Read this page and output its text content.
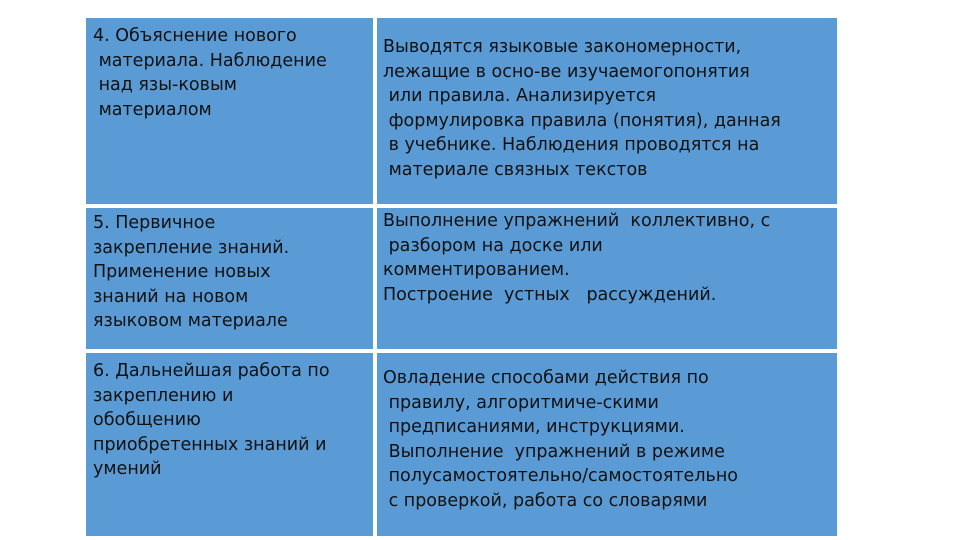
4. Объяснение нового
материала. Наблюдение
над язы-ковым
материалом
Выводятся языковые закономерности,
лежащие в осно-ве изучаемогопонятия
или правила. Анализируется
формулировка правила (понятия), данная
в учебнике. Наблюдения проводятся на
материале связных текстов
5. Первичное
закрепление знаний.
Применение новых
знаний на новом
языковом материале
Выполнение упражнений  коллективно, с
разбором на доске или
комментированием.
Построение  устных   рассуждений.
6. Дальнейшая работа по
закреплению и
обобщению
приобретенных знаний и
умений
Овладение способами действия по
правилу, алгоритмиче-скими
предписаниями, инструкциями.
Выполнение  упражнений в режиме
полусамостоятельно/самостоятельно
с проверкой, работа со словарями
